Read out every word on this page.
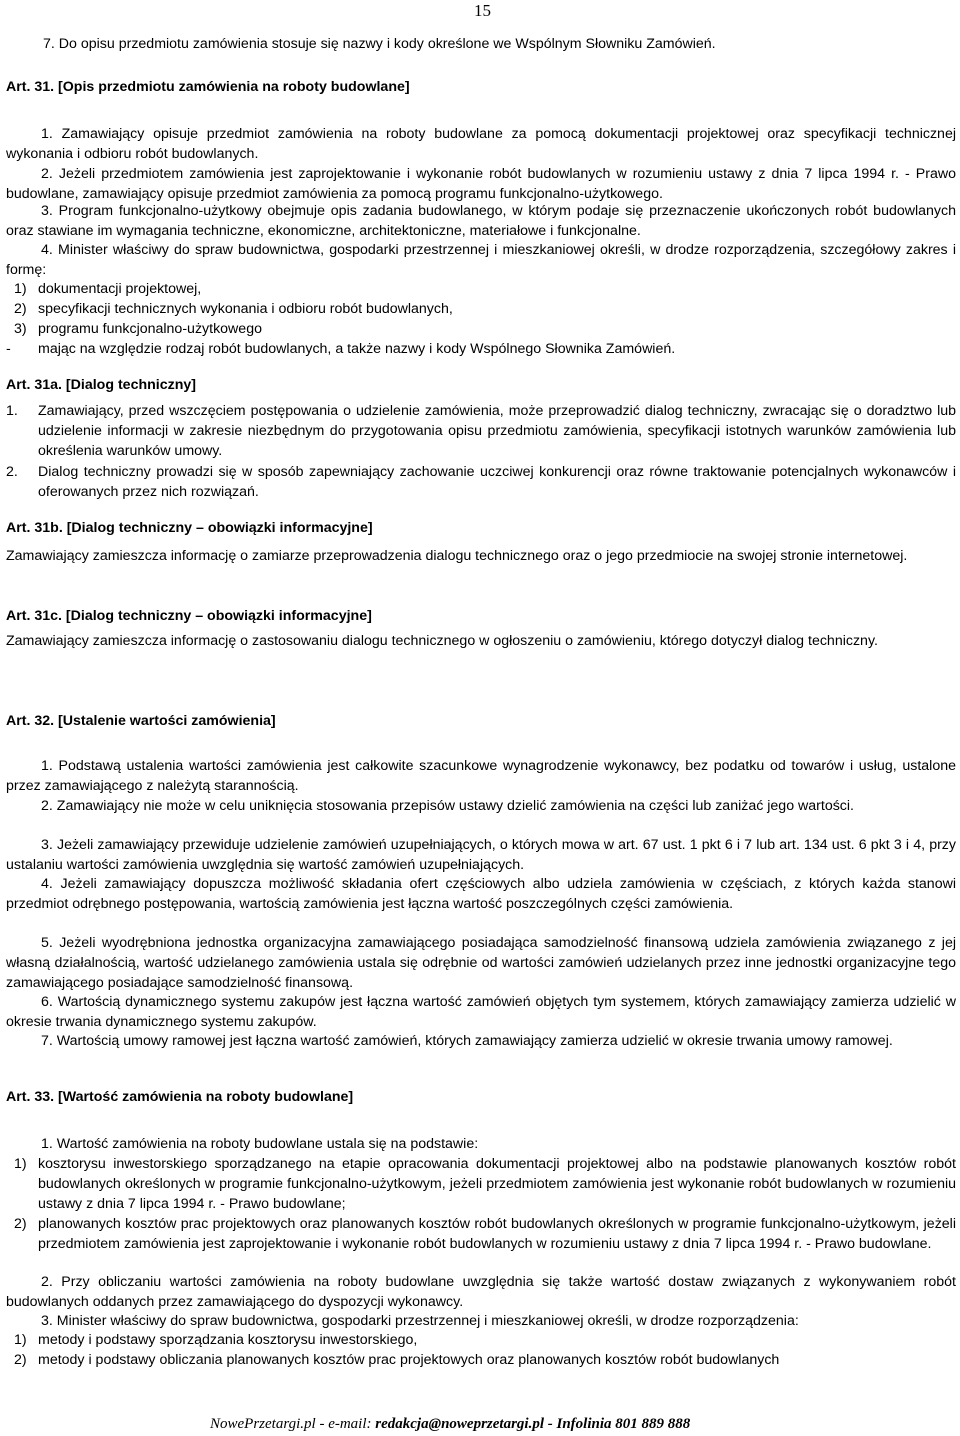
15
7. Do opisu przedmiotu zamówienia stosuje się nazwy i kody określone we Wspólnym Słowniku Zamówień.
Art. 31. [Opis przedmiotu zamówienia na roboty budowlane]
1. Zamawiający opisuje przedmiot zamówienia na roboty budowlane za pomocą dokumentacji projektowej oraz specyfikacji technicznej wykonania i odbioru robót budowlanych.
2. Jeżeli przedmiotem zamówienia jest zaprojektowanie i wykonanie robót budowlanych w rozumieniu ustawy z dnia 7 lipca 1994 r. - Prawo budowlane, zamawiający opisuje przedmiot zamówienia za pomocą programu funkcjonalno-użytkowego.
3. Program funkcjonalno-użytkowy obejmuje opis zadania budowlanego, w którym podaje się przeznaczenie ukończonych robót budowlanych oraz stawiane im wymagania techniczne, ekonomiczne, architektoniczne, materiałowe i funkcjonalne.
4. Minister właściwy do spraw budownictwa, gospodarki przestrzennej i mieszkaniowej określi, w drodze rozporządzenia, szczegółowy zakres i formę:
1) dokumentacji projektowej,
2) specyfikacji technicznych wykonania i odbioru robót budowlanych,
3) programu funkcjonalno-użytkowego
- mając na względzie rodzaj robót budowlanych, a także nazwy i kody Wspólnego Słownika Zamówień.
Art. 31a. [Dialog techniczny]
1. Zamawiający, przed wszczęciem postępowania o udzielenie zamówienia, może przeprowadzić dialog techniczny, zwracając się o doradztwo lub udzielenie informacji w zakresie niezbędnym do przygotowania opisu przedmiotu zamówienia, specyfikacji istotnych warunków zamówienia lub określenia warunków umowy.
2. Dialog techniczny prowadzi się w sposób zapewniający zachowanie uczciwej konkurencji oraz równe traktowanie potencjalnych wykonawców i oferowanych przez nich rozwiązań.
Art. 31b. [Dialog techniczny – obowiązki informacyjne]
Zamawiający zamieszcza informację o zamiarze przeprowadzenia dialogu technicznego oraz o jego przedmiocie na swojej stronie internetowej.
Art. 31c. [Dialog techniczny – obowiązki informacyjne]
Zamawiający zamieszcza informację o zastosowaniu dialogu technicznego w ogłoszeniu o zamówieniu, którego dotyczył dialog techniczny.
Art. 32. [Ustalenie wartości zamówienia]
1. Podstawą ustalenia wartości zamówienia jest całkowite szacunkowe wynagrodzenie wykonawcy, bez podatku od towarów i usług, ustalone przez zamawiającego z należytą starannością.
2. Zamawiający nie może w celu uniknięcia stosowania przepisów ustawy dzielić zamówienia na części lub zaniżać jego wartości.
3. Jeżeli zamawiający przewiduje udzielenie zamówień uzupełniających, o których mowa w art. 67 ust. 1 pkt 6 i 7 lub art. 134 ust. 6 pkt 3 i 4, przy ustalaniu wartości zamówienia uwzględnia się wartość zamówień uzupełniających.
4. Jeżeli zamawiający dopuszcza możliwość składania ofert częściowych albo udziela zamówienia w częściach, z których każda stanowi przedmiot odrębnego postępowania, wartością zamówienia jest łączna wartość poszczególnych części zamówienia.
5. Jeżeli wyodrębniona jednostka organizacyjna zamawiającego posiadająca samodzielność finansową udziela zamówienia związanego z jej własną działalnością, wartość udzielanego zamówienia ustala się odrębnie od wartości zamówień udzielanych przez inne jednostki organizacyjne tego zamawiającego posiadające samodzielność finansową.
6. Wartością dynamicznego systemu zakupów jest łączna wartość zamówień objętych tym systemem, których zamawiający zamierza udzielić w okresie trwania dynamicznego systemu zakupów.
7. Wartością umowy ramowej jest łączna wartość zamówień, których zamawiający zamierza udzielić w okresie trwania umowy ramowej.
Art. 33. [Wartość zamówienia na roboty budowlane]
1. Wartość zamówienia na roboty budowlane ustala się na podstawie:
1) kosztorysu inwestorskiego sporządzanego na etapie opracowania dokumentacji projektowej albo na podstawie planowanych kosztów robót budowlanych określonych w programie funkcjonalno-użytkowym, jeżeli przedmiotem zamówienia jest wykonanie robót budowlanych w rozumieniu ustawy z dnia 7 lipca 1994 r. - Prawo budowlane;
2) planowanych kosztów prac projektowych oraz planowanych kosztów robót budowlanych określonych w programie funkcjonalno-użytkowym, jeżeli przedmiotem zamówienia jest zaprojektowanie i wykonanie robót budowlanych w rozumieniu ustawy z dnia 7 lipca 1994 r. - Prawo budowlane.
2. Przy obliczaniu wartości zamówienia na roboty budowlane uwzględnia się także wartość dostaw związanych z wykonywaniem robót budowlanych oddanych przez zamawiającego do dyspozycji wykonawcy.
3. Minister właściwy do spraw budownictwa, gospodarki przestrzennej i mieszkaniowej określi, w drodze rozporządzenia:
1) metody i podstawy sporządzania kosztorysu inwestorskiego,
2) metody i podstawy obliczania planowanych kosztów prac projektowych oraz planowanych kosztów robót budowlanych
NowePrzetargi.pl - e-mail: redakcja@noweprzetargi.pl - Infolinia 801 889 888
